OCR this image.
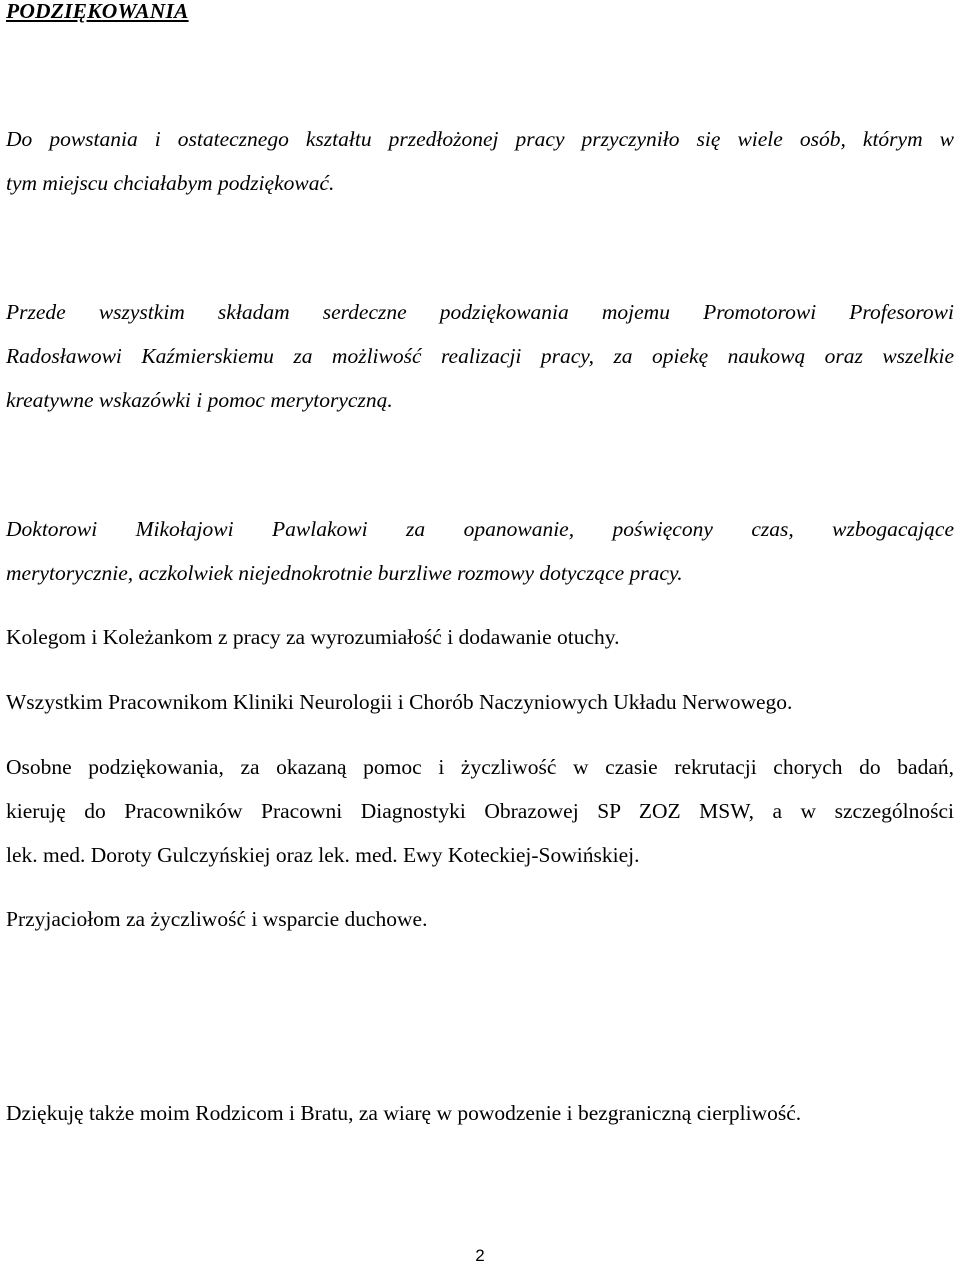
PODZIĘKOWANIA

Do powstania i ostatecznego kształtu przedłożonej pracy przyczyniło się wiele osób, którym w

tym miejscu chciałabym podziękować.

Przede wszystkim składam serdeczne podziękowania mojemu Promotorowi Profesorowi

Radosławowi Kaźmierskiemu za możliwość realizacji pracy, za opiekę naukową oraz wszelkie

kreatywne wskazówki i pomoc merytoryczną.

Doktorowi Mikołajowi Pawlakowi za opanowanie, poświęcony czas, wzbogacające

merytorycznie, aczkolwiek niejednokrotnie burzliwe rozmowy dotyczące pracy.

Kolegom i Koleżankom z pracy za wyrozumiałość i dodawanie otuchy.

Wszystkim Pracownikom Kliniki Neurologii i Chorób Naczyniowych Układu Nerwowego.

Osobne podziękowania, za okazaną pomoc i życzliwość w czasie rekrutacji chorych do badań,

kieruję do Pracowników Pracowni Diagnostyki Obrazowej SP ZOZ MSW, a w szczególności

lek. med. Doroty Gulczyńskiej oraz lek. med. Ewy Koteckiej-Sowińskiej.

Przyjaciołom za życzliwość i wsparcie duchowe.

Dziękuję także moim Rodzicom i Bratu, za wiarę w powodzenie i bezgraniczną cierpliwość.

2
